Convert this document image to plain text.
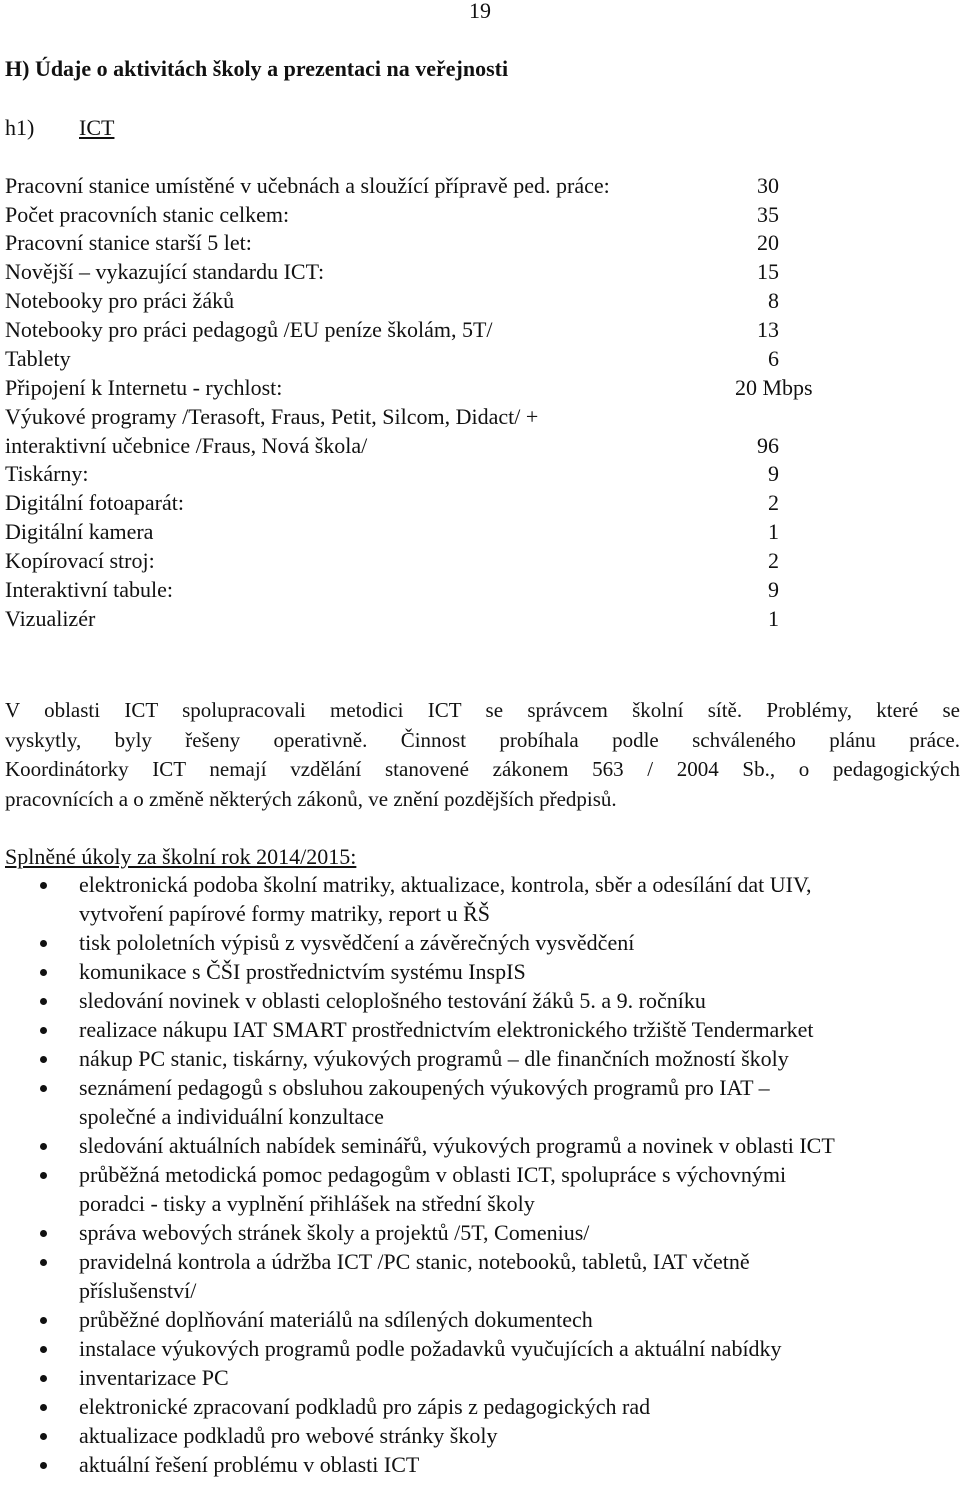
19
H) Údaje o aktivitách školy a prezentaci na veřejnosti
h1) ICT
Pracovní stanice umístěné v učebnách a sloužící přípravě ped. práce:	30
Počet pracovních stanic celkem:	35
Pracovní stanice starší 5 let:	20
Novější – vykazující standardu ICT:	15
Notebooky pro práci žáků	8
Notebooky pro práci pedagogů /EU peníze školám, 5T/	13
Tablety	6
Připojení k Internetu - rychlost:	20 Mbps
Výukové programy /Terasoft, Fraus, Petit, Silcom, Didact/ +
interaktivní učebnice /Fraus, Nová škola/	96
Tiskárny:	9
Digitální fotoaparát:	2
Digitální kamera	1
Kopírovací stroj:	2
Interaktivní tabule:	9
Vizualizér	1
V oblasti ICT spolupracovali metodici ICT se správcem školní sítě. Problémy, které se
vyskytly, byly řešeny operativně. Činnost probíhala podle schváleného plánu práce.
Koordinátorky ICT nemají vzdělání stanovené zákonem 563 / 2004 Sb., o pedagogických
pracovnících a o změně některých zákonů, ve znění pozdějších předpisů.
Splněné úkoly za školní rok 2014/2015:
elektronická podoba školní matriky, aktualizace, kontrola, sběr a odesílání dat UIV,
vytvoření papírové formy matriky, report u ŘŠ
tisk pololetních výpisů z vysvědčení a závěrečných vysvědčení
komunikace s ČŠI prostřednictvím systému InspIS
sledování novinek v oblasti celoplošného testování žáků 5. a 9. ročníku
realizace nákupu IAT SMART prostřednictvím elektronického tržiště Tendermarket
nákup PC stanic, tiskárny, výukových programů – dle finančních možností školy
seznámení pedagogů s obsluhou zakoupených výukových programů pro IAT –
společné a individuální konzultace
sledování aktuálních nabídek seminářů, výukových programů a novinek v oblasti ICT
průběžná metodická pomoc pedagogům v oblasti ICT, spolupráce s výchovnými
poradci - tisky a vyplnění přihlášek na střední školy
správa webových stránek školy a projektů /5T, Comenius/
pravidelná kontrola a údržba ICT /PC stanic, notebooků, tabletů, IAT včetně
příslušenství/
průběžné doplňování materiálů na sdílených dokumentech
instalace výukových programů podle požadavků vyučujících a aktuální nabídky
inventarizace PC
elektronické zpracovaní podkladů pro zápis z pedagogických rad
aktualizace podkladů pro webové stránky školy
aktuální řešení problému v oblasti ICT
